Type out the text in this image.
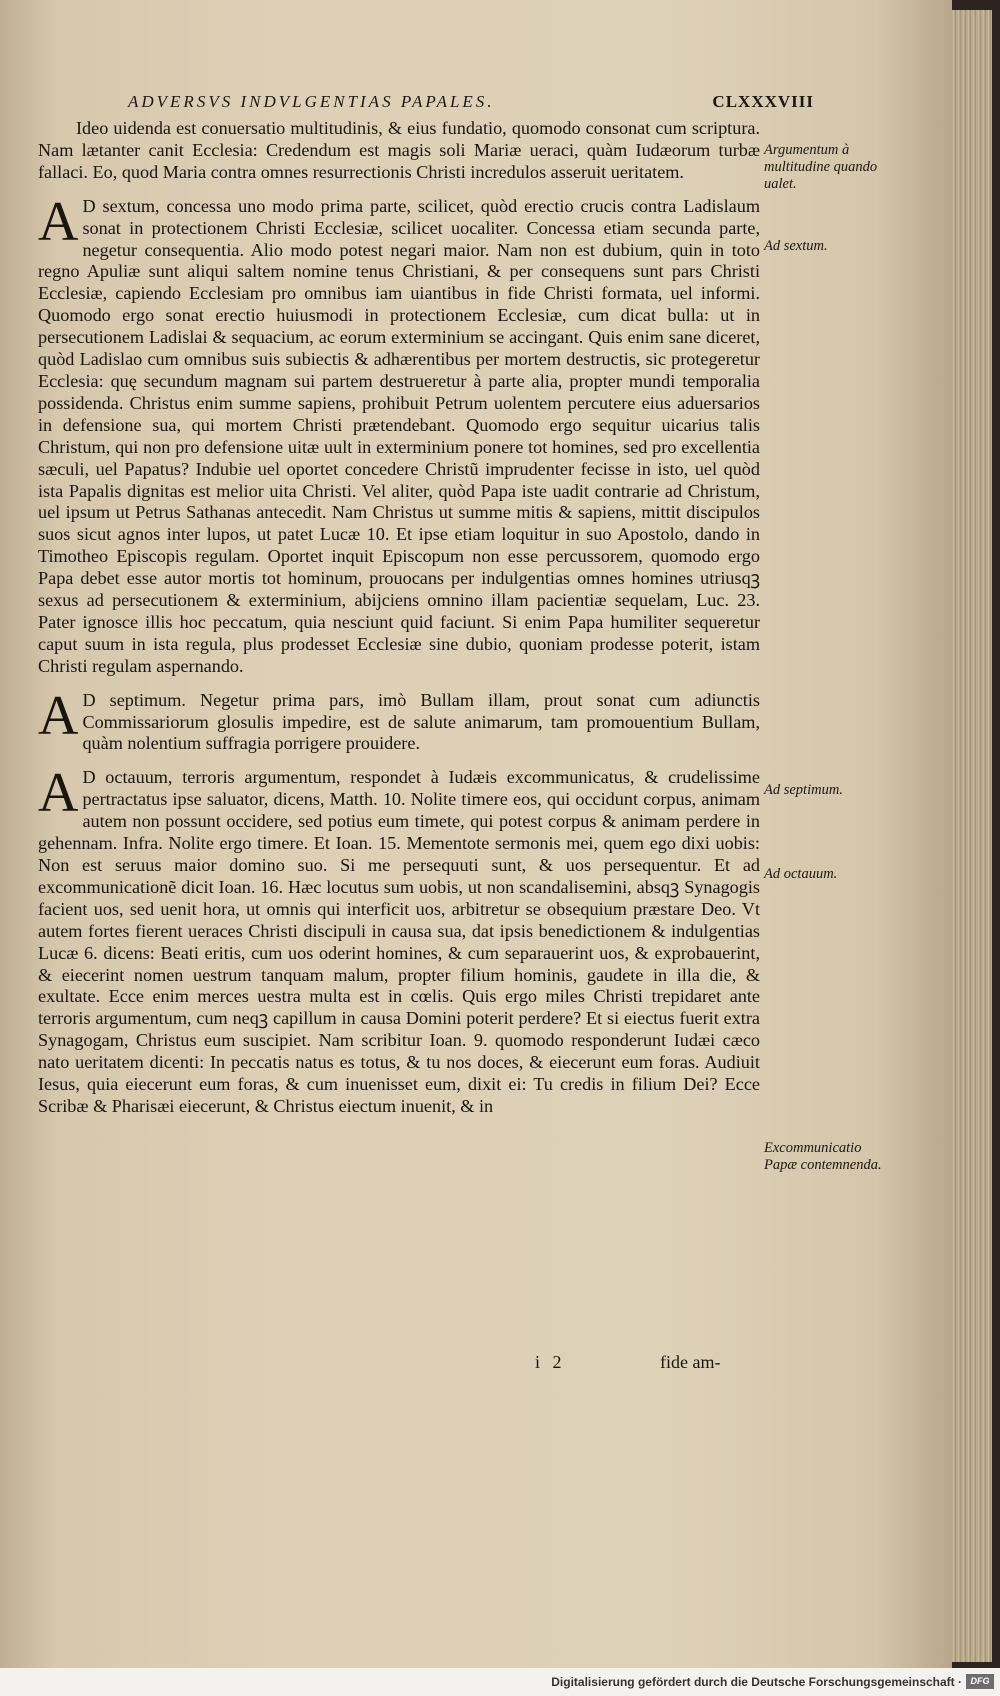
ADVERSVS INDVLGENTIAS PAPALES.	CLXXXVIII

Ideo uidenda est conuersatio multitudinis, & eius fundatio, quomodo consonat cum scriptura. Nam lætanter canit Ecclesia: Credendum est magis soli Mariæ ueraci, quàm Iudæorum turbæ fallaci. Eo, quod Maria contra omnes resurrectionis Christi incredulos asseruit ueritatem.

A D sextum, concessa uno modo prima parte, scilicet, quòd erectio crucis contra Ladislaum sonat in protectionem Christi Ecclesiæ, scilicet uocaliter. Concessa etiam secunda parte, negetur consequentia. Alio modo potest negari maior. Nam non est dubium, quin in toto regno Apuliæ sunt aliqui saltem nomine tenus Christiani, & per consequens sunt pars Christi Ecclesiæ, capiendo Ecclesiam pro omnibus iam uiantibus in fide Christi formata, uel informi. Quomodo ergo sonat erectio huiusmodi in protectionem Ecclesiæ, cum dicat bulla: ut in persecutionem Ladislai & sequacium, ac eorum exterminium se accingant. Quis enim sane diceret, quòd Ladislao cum omnibus suis subiectis & adhærentibus per mortem destructis, sic protegeretur Ecclesia: quę secundum magnam sui partem destrueretur à parte alia, propter mundi temporalia possidenda. Christus enim summe sapiens, prohibuit Petrum uolentem percutere eius aduersarios in defensione sua, qui mortem Christi prætendebant. Quomodo ergo sequitur uicarius talis Christum, qui non pro defensione uitæ uult in exterminium ponere tot homines, sed pro excellentia sæculi, uel Papatus? Indubie uel oportet concedere Christũ imprudenter fecisse in isto, uel quòd ista Papalis dignitas est melior uita Christi. Vel aliter, quòd Papa iste uadit contrarie ad Christum, uel ipsum ut Petrus Sathanas antecedit. Nam Christus ut summe mitis & sapiens, mittit discipulos suos sicut agnos inter lupos, ut patet Lucæ 10. Et ipse etiam loquitur in suo Apostolo, dando in Timotheo Episcopis regulam. Oportet inquit Episcopum non esse percussorem, quomodo ergo Papa debet esse autor mortis tot hominum, prouocans per indulgentias omnes homines utriusqꝫ sexus ad persecutionem & exterminium, abijciens omnino illam pacientiæ sequelam, Luc. 23. Pater ignosce illis hoc peccatum, quia nesciunt quid faciunt. Si enim Papa humiliter sequeretur caput suum in ista regula, plus prodesset Ecclesiæ sine dubio, quoniam prodesse poterit, istam Christi regulam aspernando.

A D septimum. Negetur prima pars, imò Bullam illam, prout sonat cum adiunctis Commissariorum glosulis impedire, est de salute animarum, tam promouentium Bullam, quàm nolentium suffragia porrigere prouidere.

A D octauum, terroris argumentum, respondet à Iudæis excommunicatus, & crudelissime pertractatus ipse saluator, dicens, Matth. 10. Nolite timere eos, qui occidunt corpus, animam autem non possunt occidere, sed potius eum timete, qui potest corpus & animam perdere in gehennam. Infra. Nolite ergo timere. Et Ioan. 15. Mementote sermonis mei, quem ego dixi uobis: Non est seruus maior domino suo. Si me persequuti sunt, & uos persequentur. Et ad excommunicationẽ dicit Ioan. 16. Hæc locutus sum uobis, ut non scandalisemini, absqꝫ Synagogis facient uos, sed uenit hora, ut omnis qui interficit uos, arbitretur se obsequium præstare Deo. Vt autem fortes fierent ueraces Christi discipuli in causa sua, dat ipsis benedictionem & indulgentias Lucæ 6. dicens: Beati eritis, cum uos oderint homines, & cum separauerint uos, & exprobauerint, & eiecerint nomen uestrum tanquam malum, propter filium hominis, gaudete in illa die, & exultate. Ecce enim merces uestra multa est in cœlis. Quis ergo miles Christi trepidaret ante terroris argumentum, cum neqꝫ capillum in causa Domini poterit perdere? Et si eiectus fuerit extra Synagogam, Christus eum suscipiet. Nam scribitur Ioan. 9. quomodo responderunt Iudæi cæco nato ueritatem dicenti: In peccatis natus es totus, & tu nos doces, & eiecerunt eum foras. Audiuit Iesus, quia eiecerunt eum foras, & cum inuenisset eum, dixit ei: Tu credis in filium Dei? Ecce Scribæ & Pharisæi eiecerunt, & Christus eiectum inuenit, & in

Argumentum à multitudine quando ualet.
Ad sextum.
Ad septimum.
Ad octauum.
Excommunicatio Papæ contemnenda.
i 2	fide am-
Digitalisierung gefördert durch die Deutsche Forschungsgemeinschaft · DFG
